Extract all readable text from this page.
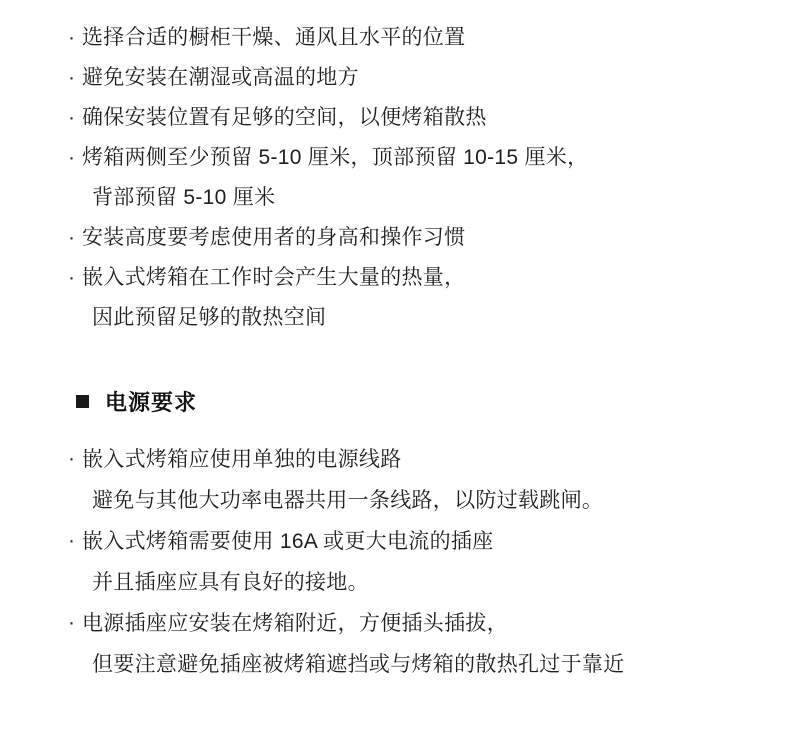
· 选择合适的橱柜干燥、通风且水平的位置
· 避免安装在潮湿或高温的地方
· 确保安装位置有足够的空间，以便烤箱散热
· 烤箱两侧至少预留 5-10 厘米，顶部预留 10-15 厘米，
背部预留 5-10 厘米
· 安装高度要考虑使用者的身高和操作习惯
· 嵌入式烤箱在工作时会产生大量的热量，
因此预留足够的散热空间
电源要求
· 嵌入式烤箱应使用单独的电源线路
避免与其他大功率电器共用一条线路，以防过载跳闸。
· 嵌入式烤箱需要使用 16A 或更大电流的插座
并且插座应具有良好的接地。
· 电源插座应安装在烤箱附近，方便插头插拔，
但要注意避免插座被烤箱遮挡或与烤箱的散热孔过于靠近
